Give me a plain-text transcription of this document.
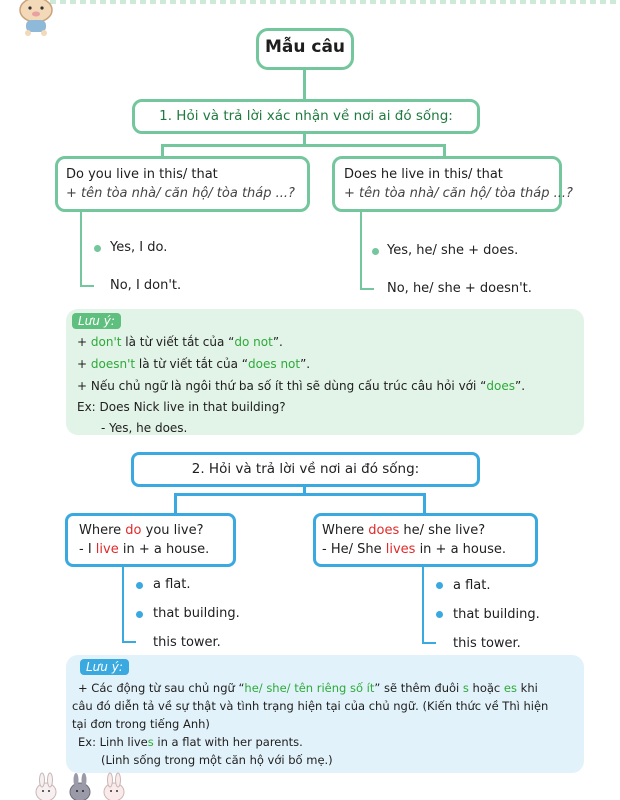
Mẫu câu
1. Hỏi và trả lời xác nhận về nơi ai đó sống:
Do you live in this/ that
+ tên tòa nhà/ căn hộ/ tòa tháp ...?
Does he live in this/ that
+ tên tòa nhà/ căn hộ/ tòa tháp ...?
Yes, I do.
No, I don't.
Yes, he/ she + does.
No, he/ she + doesn't.
Lưu ý:
+ don't là từ viết tắt của “do not”.
+ doesn't là từ viết tắt của “does not”.
+ Nếu chủ ngữ là ngôi thứ ba số ít thì sẽ dùng cấu trúc câu hỏi với “does”.
Ex: Does Nick live in that building?
- Yes, he does.
2. Hỏi và trả lời về nơi ai đó sống:
Where do you live?
- I live in + a house.
Where does he/ she live?
- He/ She lives in + a house.
a flat.
that building.
this tower.
a flat.
that building.
this tower.
Lưu ý:
+ Các động từ sau chủ ngữ “he/ she/ tên riêng số ít” sẽ thêm đuôi s hoặc es khi
câu đó diễn tả về sự thật và tình trạng hiện tại của chủ ngữ. (Kiến thức về Thì hiện
tại đơn trong tiếng Anh)
Ex: Linh lives in a flat with her parents.
(Linh sống trong một căn hộ với bố mẹ.)
